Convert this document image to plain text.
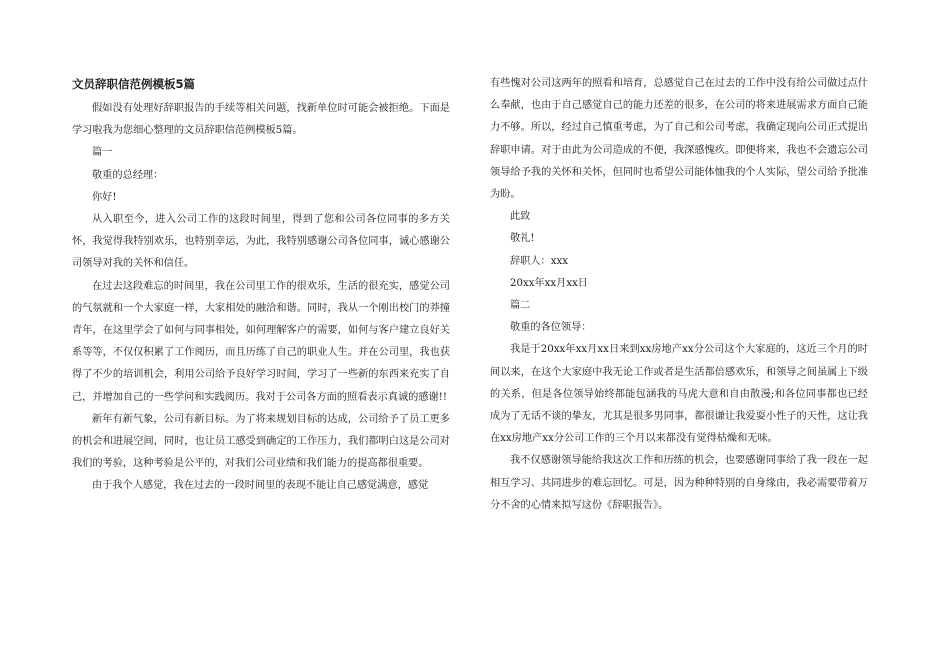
文员辞职信范例模板5篇

假如没有处理好辞职报告的手续等相关问题，找新单位时可能会被拒绝。下面是学习啦我为您细心整理的文员辞职信范例模板5篇。

篇一

敬重的总经理：

你好!

从入职至今，进入公司工作的这段时间里，得到了您和公司各位同事的多方关怀，我觉得我特别欢乐，也特别幸运，为此，我特别感谢公司各位同事，诚心感谢公司领导对我的关怀和信任。

在过去这段难忘的时间里，我在公司里工作的很欢乐，生活的很充实，感觉公司的气氛就和一个大家庭一样，大家相处的融洽和谐。同时，我从一个刚出校门的莽撞青年，在这里学会了如何与同事相处，如何理解客户的需要，如何与客户建立良好关系等等，不仅仅积累了工作阅历，而且历练了自己的职业人生。并在公司里，我也获得了不少的培训机会，利用公司给予良好学习时间，学习了一些新的东西来充实了自己，并增加自己的一些学问和实践阅历。我对于公司各方面的照看表示真诚的感谢!!

新年有新气象，公司有新目标。为了将来规划目标的达成，公司给予了员工更多的机会和进展空间，同时，也让员工感受到确定的工作压力，我们都明白这是公司对我们的考验，这种考验是公平的，对我们公司业绩和我们能力的提高都很重要。

由于我个人感觉，我在过去的一段时间里的表现不能让自己感觉满意，感觉

有些愧对公司这两年的照看和培育，总感觉自己在过去的工作中没有给公司做过点什么奉献，也由于自己感觉自己的能力还差的很多，在公司的将来进展需求方面自己能力不够。所以，经过自己慎重考虑，为了自己和公司考虑，我确定现向公司正式提出辞职申请。对于由此为公司造成的不便，我深感愧疚。即便将来，我也不会遗忘公司领导给予我的关怀和关怀，但同时也希望公司能体恤我的个人实际，望公司给予批准为盼。

此致

敬礼!

辞职人：xxx

20xx年xx月xx日

篇二

敬重的各位领导：

我是于20xx年xx月xx日来到xx房地产xx分公司这个大家庭的，这近三个月的时间以来，在这个大家庭中我无论工作或者是生活都倍感欢乐，和领导之间虽属上下级的关系，但是各位领导始终都能包涵我的马虎大意和自由散漫;和各位同事都也已经成为了无话不谈的挚友，尤其是很多男同事，都很谦让我爱耍小性子的天性，这让我在xx房地产xx分公司工作的三个月以来都没有觉得枯燥和无味。

我不仅感谢领导能给我这次工作和历练的机会，也要感谢同事给了我一段在一起相互学习、共同进步的难忘回忆。可是，因为种种特别的自身缘由，我必需要带着万分不舍的心情来拟写这份《辞职报告》。
